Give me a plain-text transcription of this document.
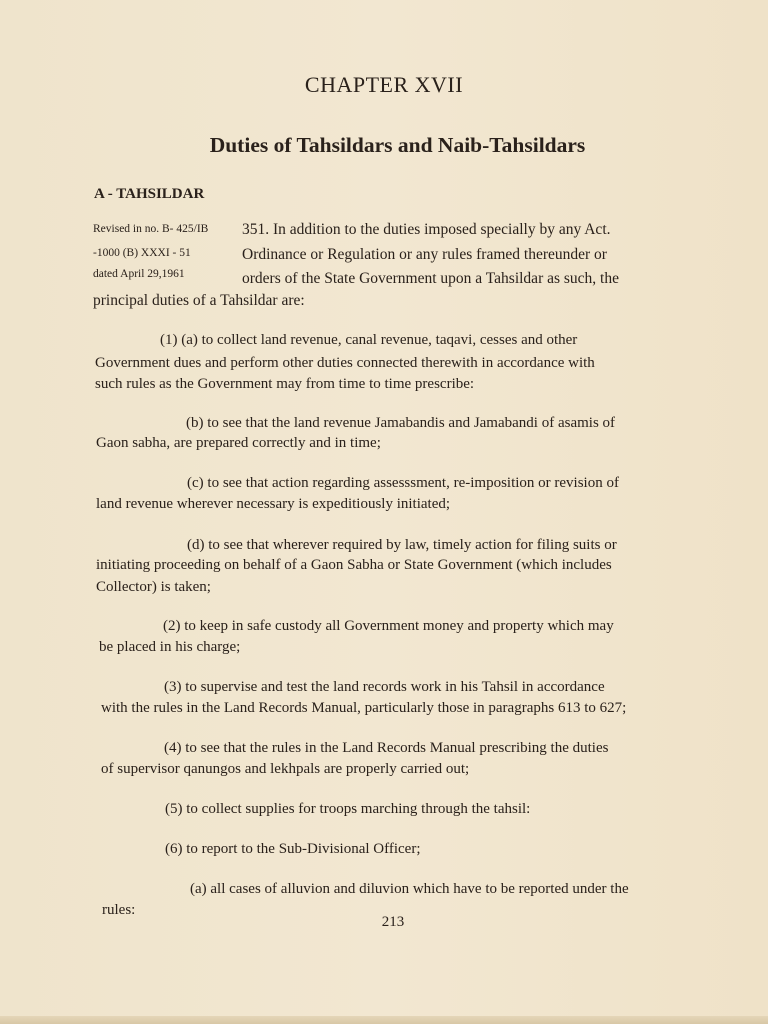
CHAPTER XVII
Duties of Tahsildars and Naib-Tahsildars
A - TAHSILDAR
Revised in no. B- 425/IB
-1000 (B) XXXI - 51
dated April 29,1961
351. In addition to the duties imposed specially by any Act.
Ordinance or Regulation or any rules framed thereunder or
orders of the State Government upon a Tahsildar as such, the
principal duties of a Tahsildar are:
(1) (a) to collect land revenue, canal revenue, taqavi, cesses and other
Government dues and perform other duties connected therewith in accordance with
such rules as the Government may from time to time prescribe:
(b) to see that the land revenue Jamabandis and Jamabandi of asamis of
Gaon sabha, are prepared correctly and in time;
(c) to see that action regarding assesssment, re-imposition or revision of
land revenue wherever necessary is expeditiously initiated;
(d) to see that wherever required by law, timely action for filing suits or
initiating proceeding on behalf of a Gaon Sabha or State Government (which includes
Collector) is taken;
(2) to keep in safe custody all Government money and property which may
be placed in his charge;
(3) to supervise and test the land records work in his Tahsil in accordance
with the rules in the Land Records Manual, particularly those in paragraphs 613 to 627;
(4) to see that the rules in the Land Records Manual prescribing the duties
of supervisor qanungos and lekhpals are properly carried out;
(5) to collect supplies for troops marching through the tahsil:
(6) to report to the Sub-Divisional Officer;
(a) all cases of alluvion and diluvion which have to be reported under the
rules:
213
